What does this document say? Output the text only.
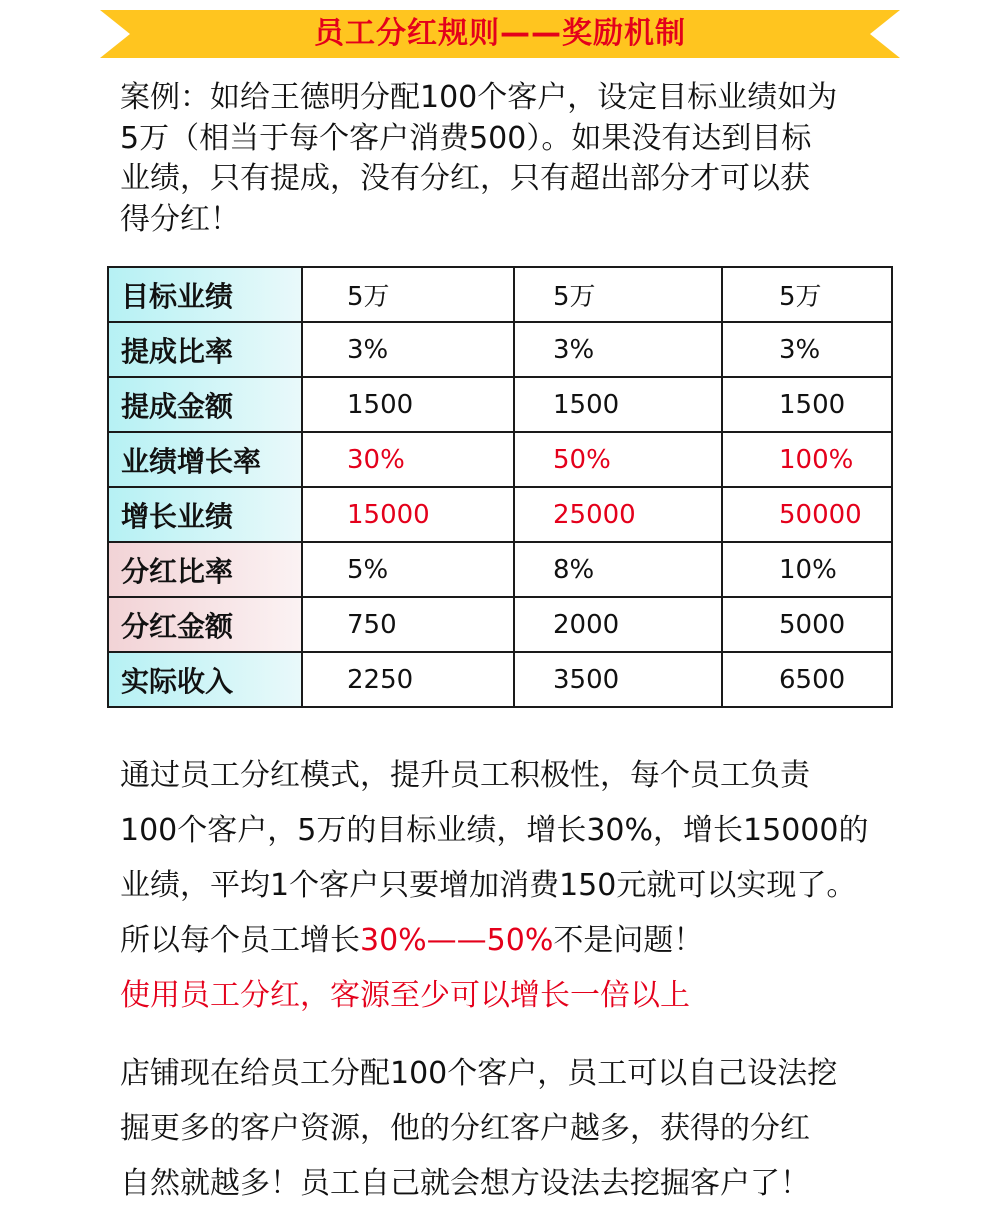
员工分红规则——奖励机制

案例：如给王德明分配100个客户，设定目标业绩如为

5万（相当于每个客户消费500）。如果没有达到目标

业绩，只有提成，没有分红，只有超出部分才可以获

得分红！

目标业绩	5万	5万	5万
提成比率	3%	3%	3%
提成金额	1500	1500	1500
业绩增长率	30%	50%	100%
增长业绩	15000	25000	50000
分红比率	5%	8%	10%
分红金额	750	2000	5000
实际收入	2250	3500	6500

通过员工分红模式，提升员工积极性，每个员工负责

100个客户，5万的目标业绩，增长30%，增长15000的

业绩，平均1个客户只要增加消费150元就可以实现了。

所以每个员工增长30%——50%不是问题！

使用员工分红，客源至少可以增长一倍以上

店铺现在给员工分配100个客户，员工可以自己设法挖

掘更多的客户资源，他的分红客户越多，获得的分红

自然就越多！员工自己就会想方设法去挖掘客户了！
